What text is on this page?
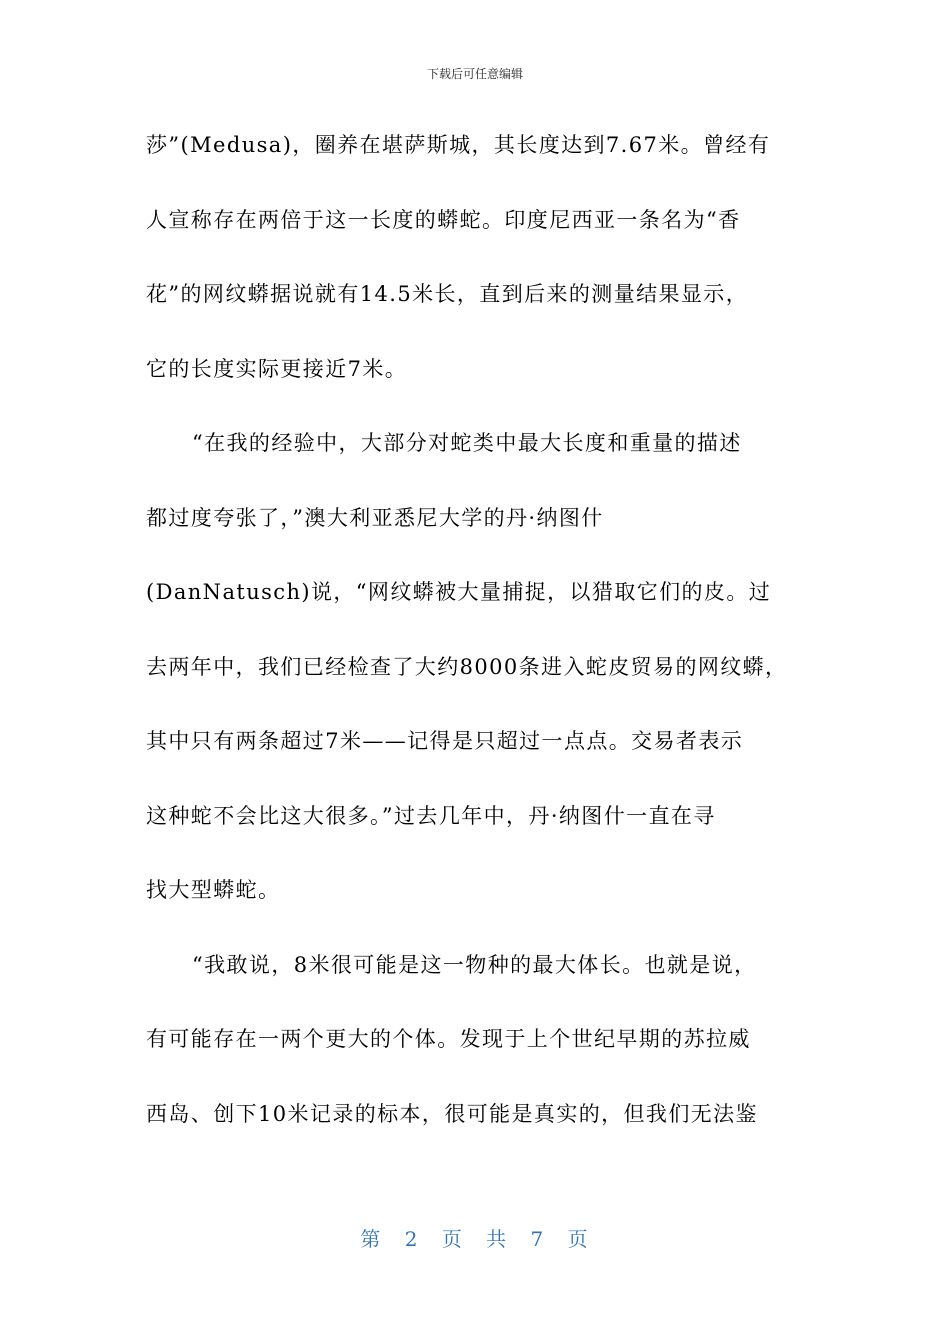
下载后可任意编辑
莎”(Medusa)，圈养在堪萨斯城，其长度达到7.67米。曾经有
人宣称存在两倍于这一长度的蟒蛇。印度尼西亚一条名为“香
花”的网纹蟒据说就有14.5米长，直到后来的测量结果显示，
它的长度实际更接近7米。
“在我的经验中，大部分对蛇类中最大长度和重量的描述
都过度夸张了，”澳大利亚悉尼大学的丹·纳图什
(DanNatusch)说，“网纹蟒被大量捕捉，以猎取它们的皮。过
去两年中，我们已经检查了大约8000条进入蛇皮贸易的网纹蟒，
其中只有两条超过7米——记得是只超过一点点。交易者表示
这种蛇不会比这大很多。”过去几年中，丹·纳图什一直在寻
找大型蟒蛇。
“我敢说，8米很可能是这一物种的最大体长。也就是说，
有可能存在一两个更大的个体。发现于上个世纪早期的苏拉威
西岛、创下10米记录的标本，很可能是真实的，但我们无法鉴
第 2 页 共 7 页
